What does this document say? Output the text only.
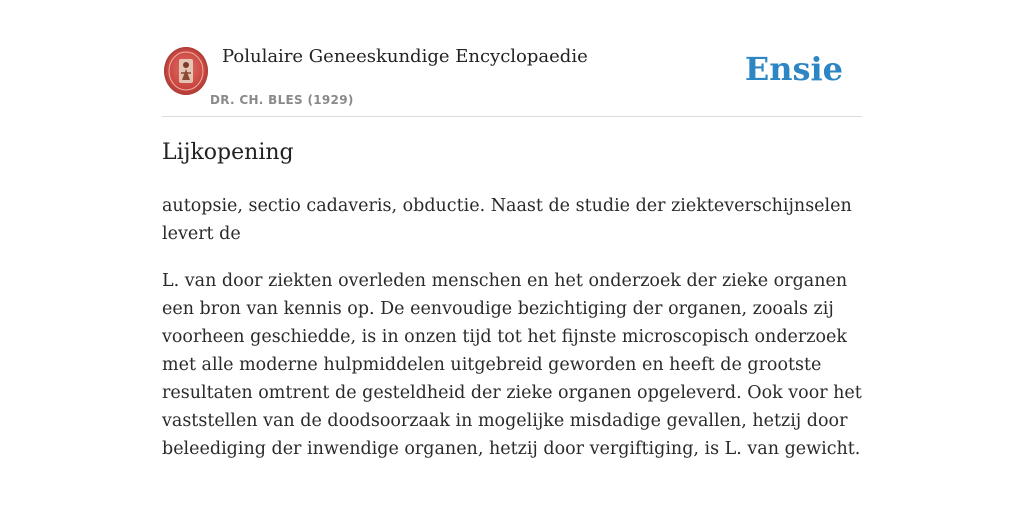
Polulaire Geneeskundige Encyclopaedie
DR. CH. BLES (1929)
Ensie
Lijkopening

autopsie, sectio cadaveris, obductie. Naast de studie der ziekteverschijnselen levert de

L. van door ziekten overleden menschen en het onderzoek der zieke organen een bron van kennis op. De eenvoudige bezichtiging der organen, zooals zij voorheen geschiedde, is in onzen tijd tot het fijnste microscopisch onderzoek met alle moderne hulpmiddelen uitgebreid geworden en heeft de grootste resultaten omtrent de gesteldheid der zieke organen opgeleverd. Ook voor het vaststellen van de doodsoorzaak in mogelijke misdadige gevallen, hetzij door beleediging der inwendige organen, hetzij door vergiftiging, is L. van gewicht.
